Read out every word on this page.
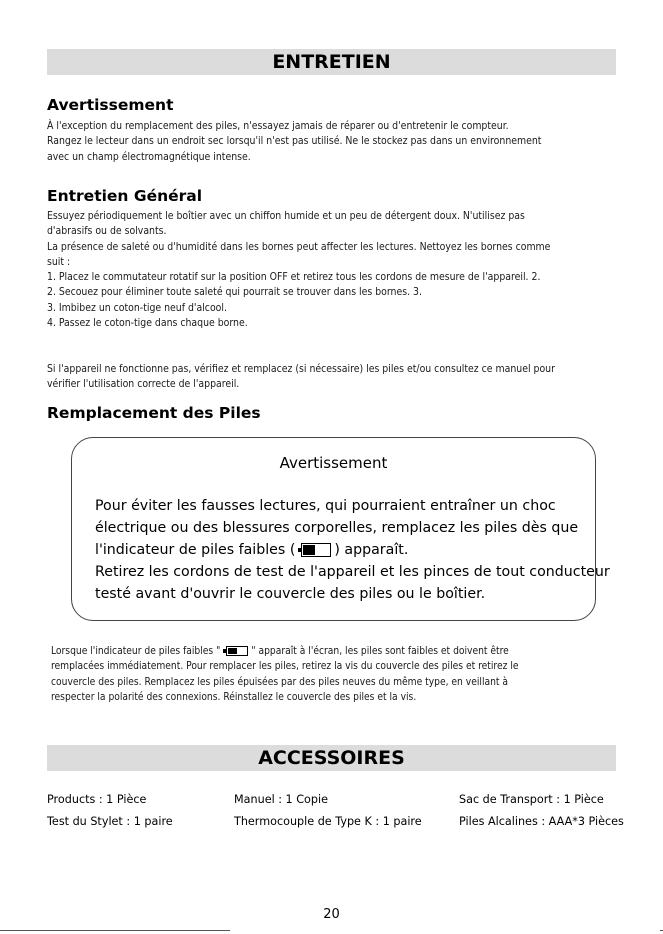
ENTRETIEN
Avertissement
À l'exception du remplacement des piles, n'essayez jamais de réparer ou d'entretenir le compteur.
Rangez le lecteur dans un endroit sec lorsqu'il n'est pas utilisé. Ne le stockez pas dans un environnement
avec un champ électromagnétique intense.
Entretien Général
Essuyez périodiquement le boîtier avec un chiffon humide et un peu de détergent doux. N'utilisez pas
d'abrasifs ou de solvants.
La présence de saleté ou d'humidité dans les bornes peut affecter les lectures. Nettoyez les bornes comme
suit :
1. Placez le commutateur rotatif sur la position OFF et retirez tous les cordons de mesure de l'appareil. 2.
2. Secouez pour éliminer toute saleté qui pourrait se trouver dans les bornes. 3.
3. Imbibez un coton-tige neuf d'alcool.
4. Passez le coton-tige dans chaque borne.
Si l'appareil ne fonctionne pas, vérifiez et remplacez (si nécessaire) les piles et/ou consultez ce manuel pour
vérifier l'utilisation correcte de l'appareil.
Remplacement des Piles
Avertissement
Pour éviter les fausses lectures, qui pourraient entraîner un choc
électrique ou des blessures corporelles, remplacez les piles dès que
l'indicateur de piles faibles (	) apparaît.
Retirez les cordons de test de l'appareil et les pinces de tout conducteur
testé avant d'ouvrir le couvercle des piles ou le boîtier.
Lorsque l'indicateur de piles faibles "	" apparaît à l'écran, les piles sont faibles et doivent être
remplacées immédiatement. Pour remplacer les piles, retirez la vis du couvercle des piles et retirez le
couvercle des piles. Remplacez les piles épuisées par des piles neuves du même type, en veillant à
respecter la polarité des connexions. Réinstallez le couvercle des piles et la vis.
ACCESSOIRES
Products : 1 Pièce	Manuel : 1 Copie	Sac de Transport : 1 Pièce
Test du Stylet : 1 paire	Thermocouple de Type K : 1 paire	Piles Alcalines : AAA*3 Pièces
20
